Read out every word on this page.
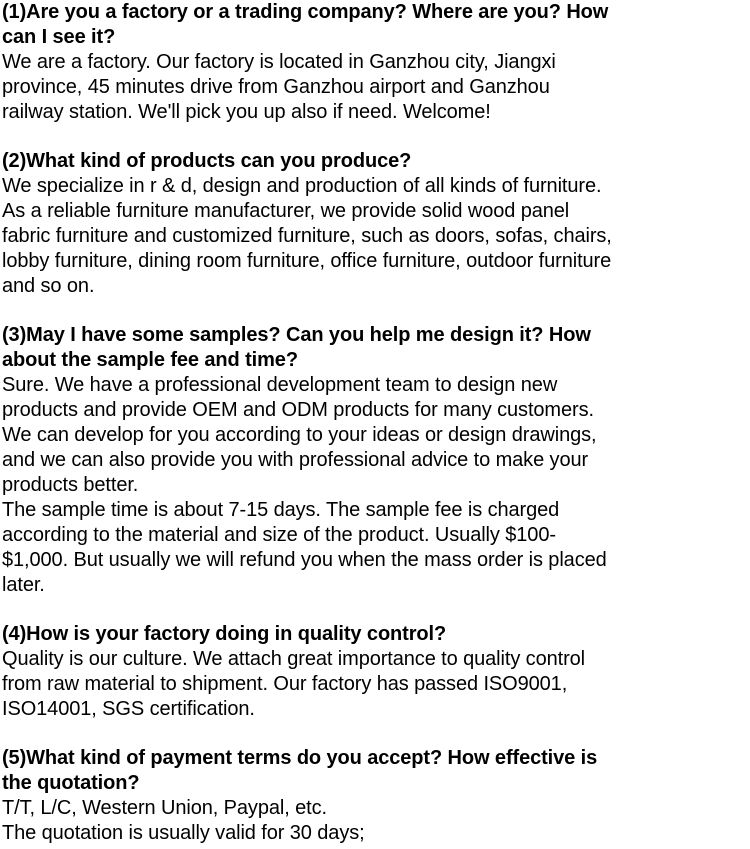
(1)Are you a factory or a trading company? Where are you? How
can I see it?
We are a factory. Our factory is located in Ganzhou city, Jiangxi
province, 45 minutes drive from Ganzhou airport and Ganzhou
railway station. We'll pick you up also if need. Welcome!
(2)What kind of products can you produce?
We specialize in r & d, design and production of all kinds of furniture.
As a reliable furniture manufacturer, we provide solid wood panel
fabric furniture and customized furniture, such as doors, sofas, chairs,
lobby furniture, dining room furniture, office furniture, outdoor furniture
and so on.
(3)May I have some samples? Can you help me design it? How
about the sample fee and time?
Sure. We have a professional development team to design new
products and provide OEM and ODM products for many customers.
We can develop for you according to your ideas or design drawings,
and we can also provide you with professional advice to make your
products better.
The sample time is about 7-15 days. The sample fee is charged
according to the material and size of the product. Usually $100-
$1,000. But usually we will refund you when the mass order is placed
later.
(4)How is your factory doing in quality control?
Quality is our culture. We attach great importance to quality control
from raw material to shipment. Our factory has passed ISO9001,
ISO14001, SGS certification.
(5)What kind of payment terms do you accept? How effective is
the quotation?
T/T, L/C, Western Union, Paypal, etc.
The quotation is usually valid for 30 days;
